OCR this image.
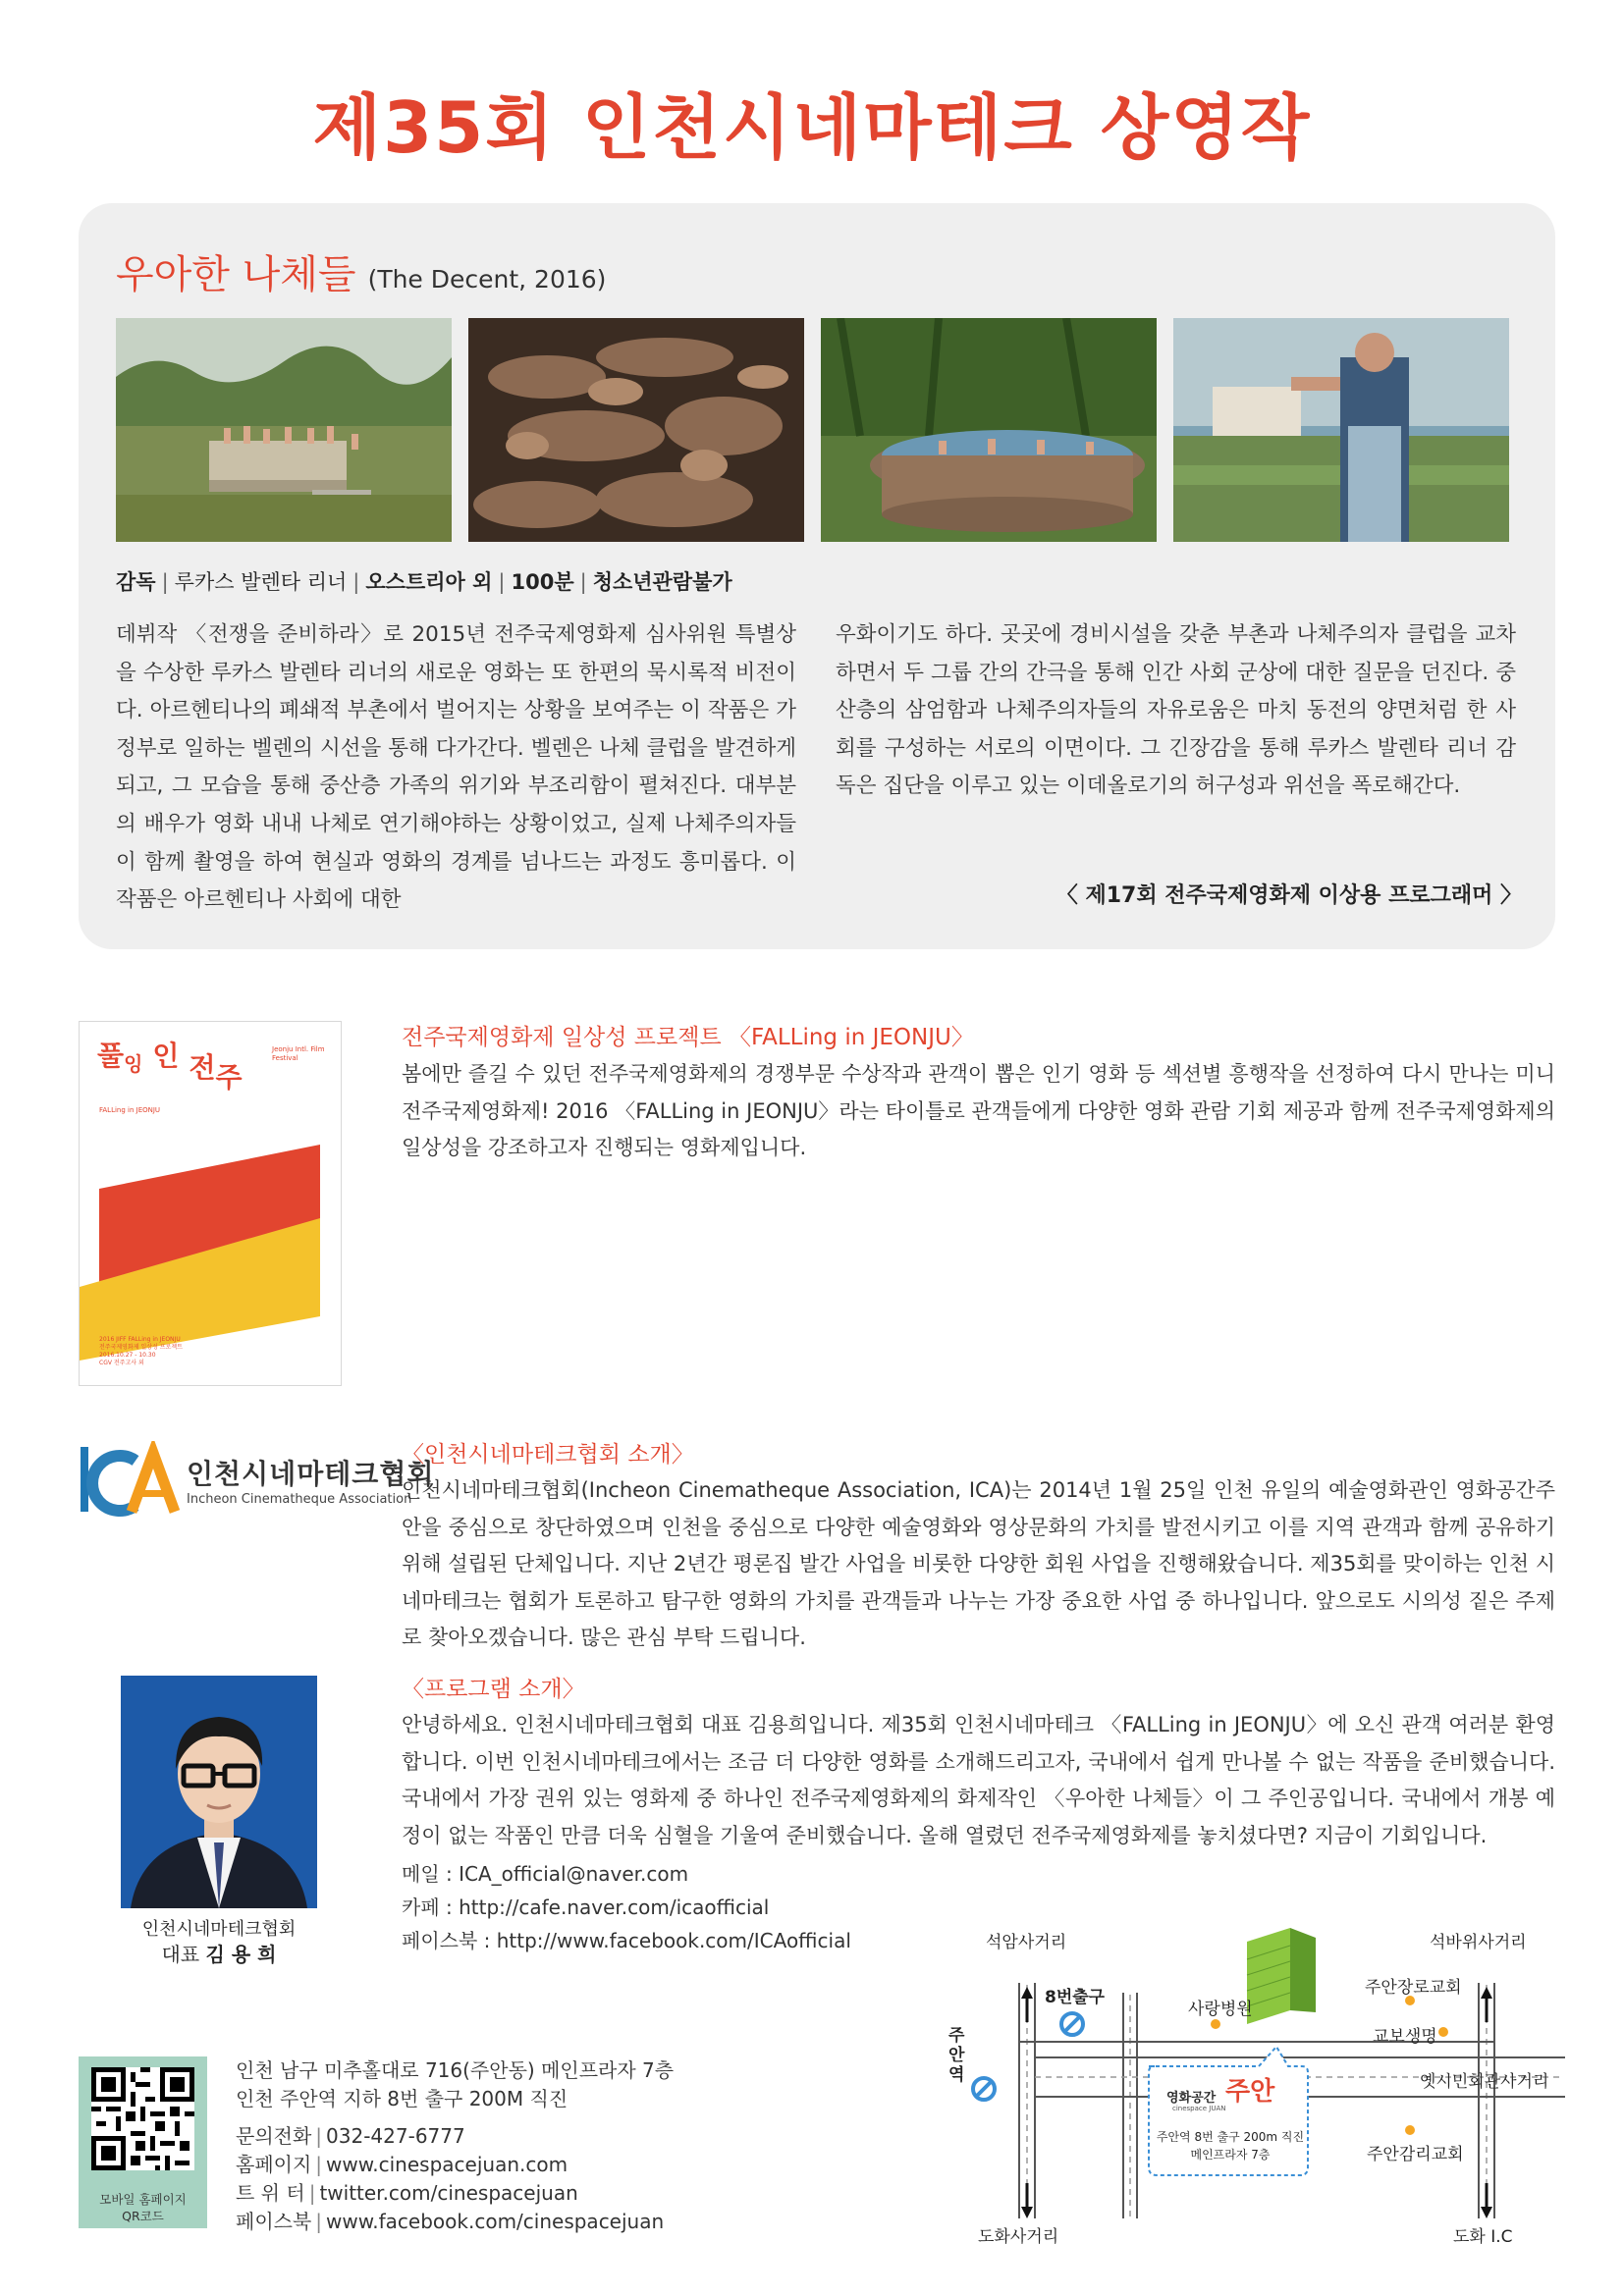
제35회 인천시네마테크 상영작
우아한 나체들 (The Decent, 2016)
감독 | 루카스 발렌타 리너 | 오스트리아 외 | 100분 | 청소년관람불가
데뷔작 〈전쟁을 준비하라〉로 2015년 전주국제영화제 심사위원 특별상을 수상한 루카스 발렌타 리너의 새로운 영화는 또 한편의 묵시록적 비전이다. 아르헨티나의 폐쇄적 부촌에서 벌어지는 상황을 보여주는 이 작품은 가정부로 일하는 벨렌의 시선을 통해 다가간다. 벨렌은 나체 클럽을 발견하게 되고, 그 모습을 통해 중산층 가족의 위기와 부조리함이 펼쳐진다. 대부분의 배우가 영화 내내 나체로 연기해야하는 상황이었고, 실제 나체주의자들이 함께 촬영을 하여 현실과 영화의 경계를 넘나드는 과정도 흥미롭다. 이 작품은 아르헨티나 사회에 대한
우화이기도 하다. 곳곳에 경비시설을 갖춘 부촌과 나체주의자 클럽을 교차하면서 두 그룹 간의 간극을 통해 인간 사회 군상에 대한 질문을 던진다. 중산층의 삼엄함과 나체주의자들의 자유로움은 마치 동전의 양면처럼 한 사회를 구성하는 서로의 이면이다. 그 긴장감을 통해 루카스 발렌타 리너 감독은 집단을 이루고 있는 이데올로기의 허구성과 위선을 폭로해간다.
〈 제17회 전주국제영화제 이상용 프로그래머 〉
2016 JIFF FALLing in JEONJU
전주국제영화제 일상성 프로젝트
2016.10.27 - 10.30
CGV 전주고사 외
풀$_잉$ 인 전주
Jeonju Intl. Film Festival
FALLing in JEONJU
전주국제영화제 일상성 프로젝트 〈FALLing in JEONJU〉
봄에만 즐길 수 있던 전주국제영화제의 경쟁부문 수상작과 관객이 뽑은 인기 영화 등 섹션별 흥행작을 선정하여 다시 만나는 미니 전주국제영화제! 2016 〈FALLing in JEONJU〉라는 타이틀로 관객들에게 다양한 영화 관람 기회 제공과 함께 전주국제영화제의 일상성을 강조하고자 진행되는 영화제입니다.
인천시네마테크협회
Incheon Cinematheque Association
〈인천시네마테크협회 소개〉
인천시네마테크협회(Incheon Cinematheque Association, ICA)는 2014년 1월 25일 인천 유일의 예술영화관인 영화공간주안을 중심으로 창단하였으며 인천을 중심으로 다양한 예술영화와 영상문화의 가치를 발전시키고 이를 지역 관객과 함께 공유하기 위해 설립된 단체입니다. 지난 2년간 평론집 발간 사업을 비롯한 다양한 회원 사업을 진행해왔습니다. 제35회를 맞이하는 인천 시네마테크는 협회가 토론하고 탐구한 영화의 가치를 관객들과 나누는 가장 중요한 사업 중 하나입니다. 앞으로도 시의성 짙은 주제로 찾아오겠습니다. 많은 관심 부탁 드립니다.
인천시네마테크협회
대표 김 용 희
〈프로그램 소개〉
안녕하세요. 인천시네마테크협회 대표 김용희입니다. 제35회 인천시네마테크 〈FALLing in JEONJU〉에 오신 관객 여러분 환영합니다. 이번 인천시네마테크에서는 조금 더 다양한 영화를 소개해드리고자, 국내에서 쉽게 만나볼 수 없는 작품을 준비했습니다. 국내에서 가장 권위 있는 영화제 중 하나인 전주국제영화제의 화제작인 〈우아한 나체들〉이 그 주인공입니다. 국내에서 개봉 예정이 없는 작품인 만큼 더욱 심혈을 기울여 준비했습니다. 올해 열렸던 전주국제영화제를 놓치셨다면? 지금이 기회입니다.
메일 : ICA_official@naver.com
카페 : http://cafe.naver.com/icaofficial
페이스북 : http://www.facebook.com/ICAofficial
모바일 홈페이지
QR코드
인천 남구 미추홀대로 716(주안동) 메인프라자 7층
인천 주안역 지하 8번 출구 200M 직진
문의전화 | 032-427-6777
홈페이지 | www.cinespacejuan.com
트 위 터 | twitter.com/cinespacejuan
페이스북 | www.facebook.com/cinespacejuan
석암사거리	석바위사거리
8번출구
사랑병원
주안장로교회
교보생명
옛시민회관사거리
주
안
역
영화공간 주안
cinespace JUAN
주안역 8번 출구 200m 직진
메인프라자 7층	주안감리교회
도화사거리	도화 I.C
